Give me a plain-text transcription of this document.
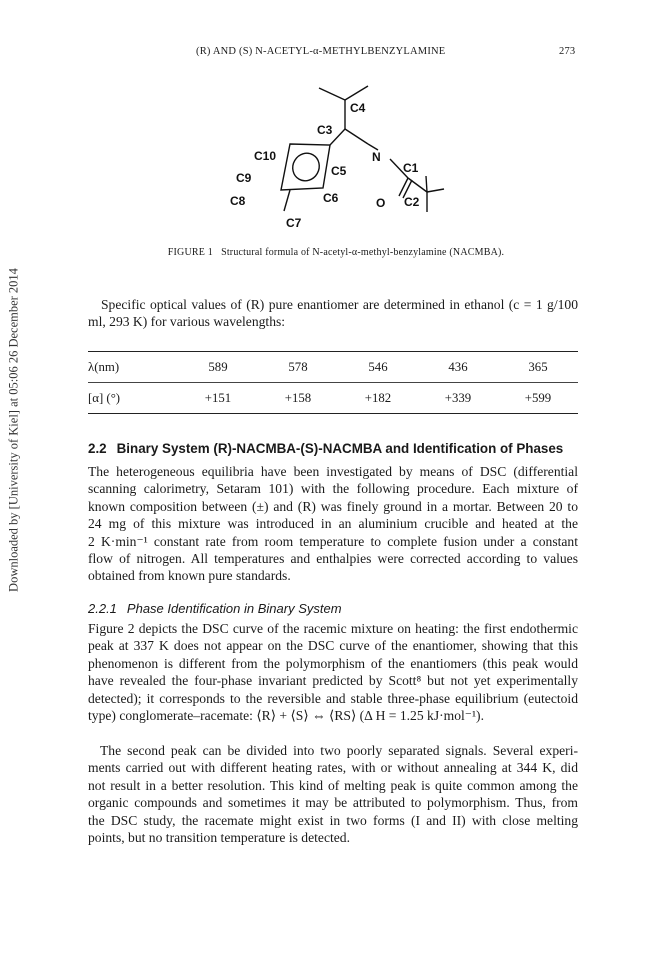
Downloaded by [University of Kiel] at 05:06 26 December 2014
(R) AND (S) N-ACETYL-α-METHYLBENZYLAMINE	273
C4
C3
C10
C5
N
C1
C9
C8	C6	O C2
C7
FIGURE 1 Structural formula of N-acetyl-α-methyl-benzylamine (NACMBA).
Specific optical values of (R) pure enantiomer are determined in ethanol (c = 1 g/100 ml, 293 K) for various wavelengths:
λ(nm)	589	578	546	436	365
[α] (°)	+151	+158	+182	+339	+599
2.2 Binary System (R)-NACMBA-(S)-NACMBA and Identification of Phases
The heterogeneous equilibria have been investigated by means of DSC (differential
scanning calorimetry, Setaram 101) with the following procedure. Each mixture of
known composition between (±) and (R) was finely ground in a mortar. Between 20 to
24 mg of this mixture was introduced in an aluminium crucible and heated at the
2 K·min⁻¹ constant rate from room temperature to complete fusion under a constant
flow of nitrogen. All temperatures and enthalpies were corrected according to values
obtained from known pure standards.
2.2.1 Phase Identification in Binary System
Figure 2 depicts the DSC curve of the racemic mixture on heating: the first endothermic
peak at 337 K does not appear on the DSC curve of the enantiomer, showing that this
phenomenon is different from the polymorphism of the enantiomers (this peak would
have revealed the four-phase invariant predicted by Scott⁸ but not yet experimentally
detected); it corresponds to the reversible and stable three-phase equilibrium (eutectoid
type) conglomerate–racemate: ⟨R⟩ + ⟨S⟩ ⇔ ⟨RS⟩ (Δ H = 1.25 kJ·mol⁻¹).
The second peak can be divided into two poorly separated signals. Several experi-
ments carried out with different heating rates, with or without annealing at 344 K, did
not result in a better resolution. This kind of melting peak is quite common among the
organic compounds and sometimes it may be attributed to polymorphism. Thus, from
the DSC study, the racemate might exist in two forms (I and II) with close melting
points, but no transition temperature is detected.
